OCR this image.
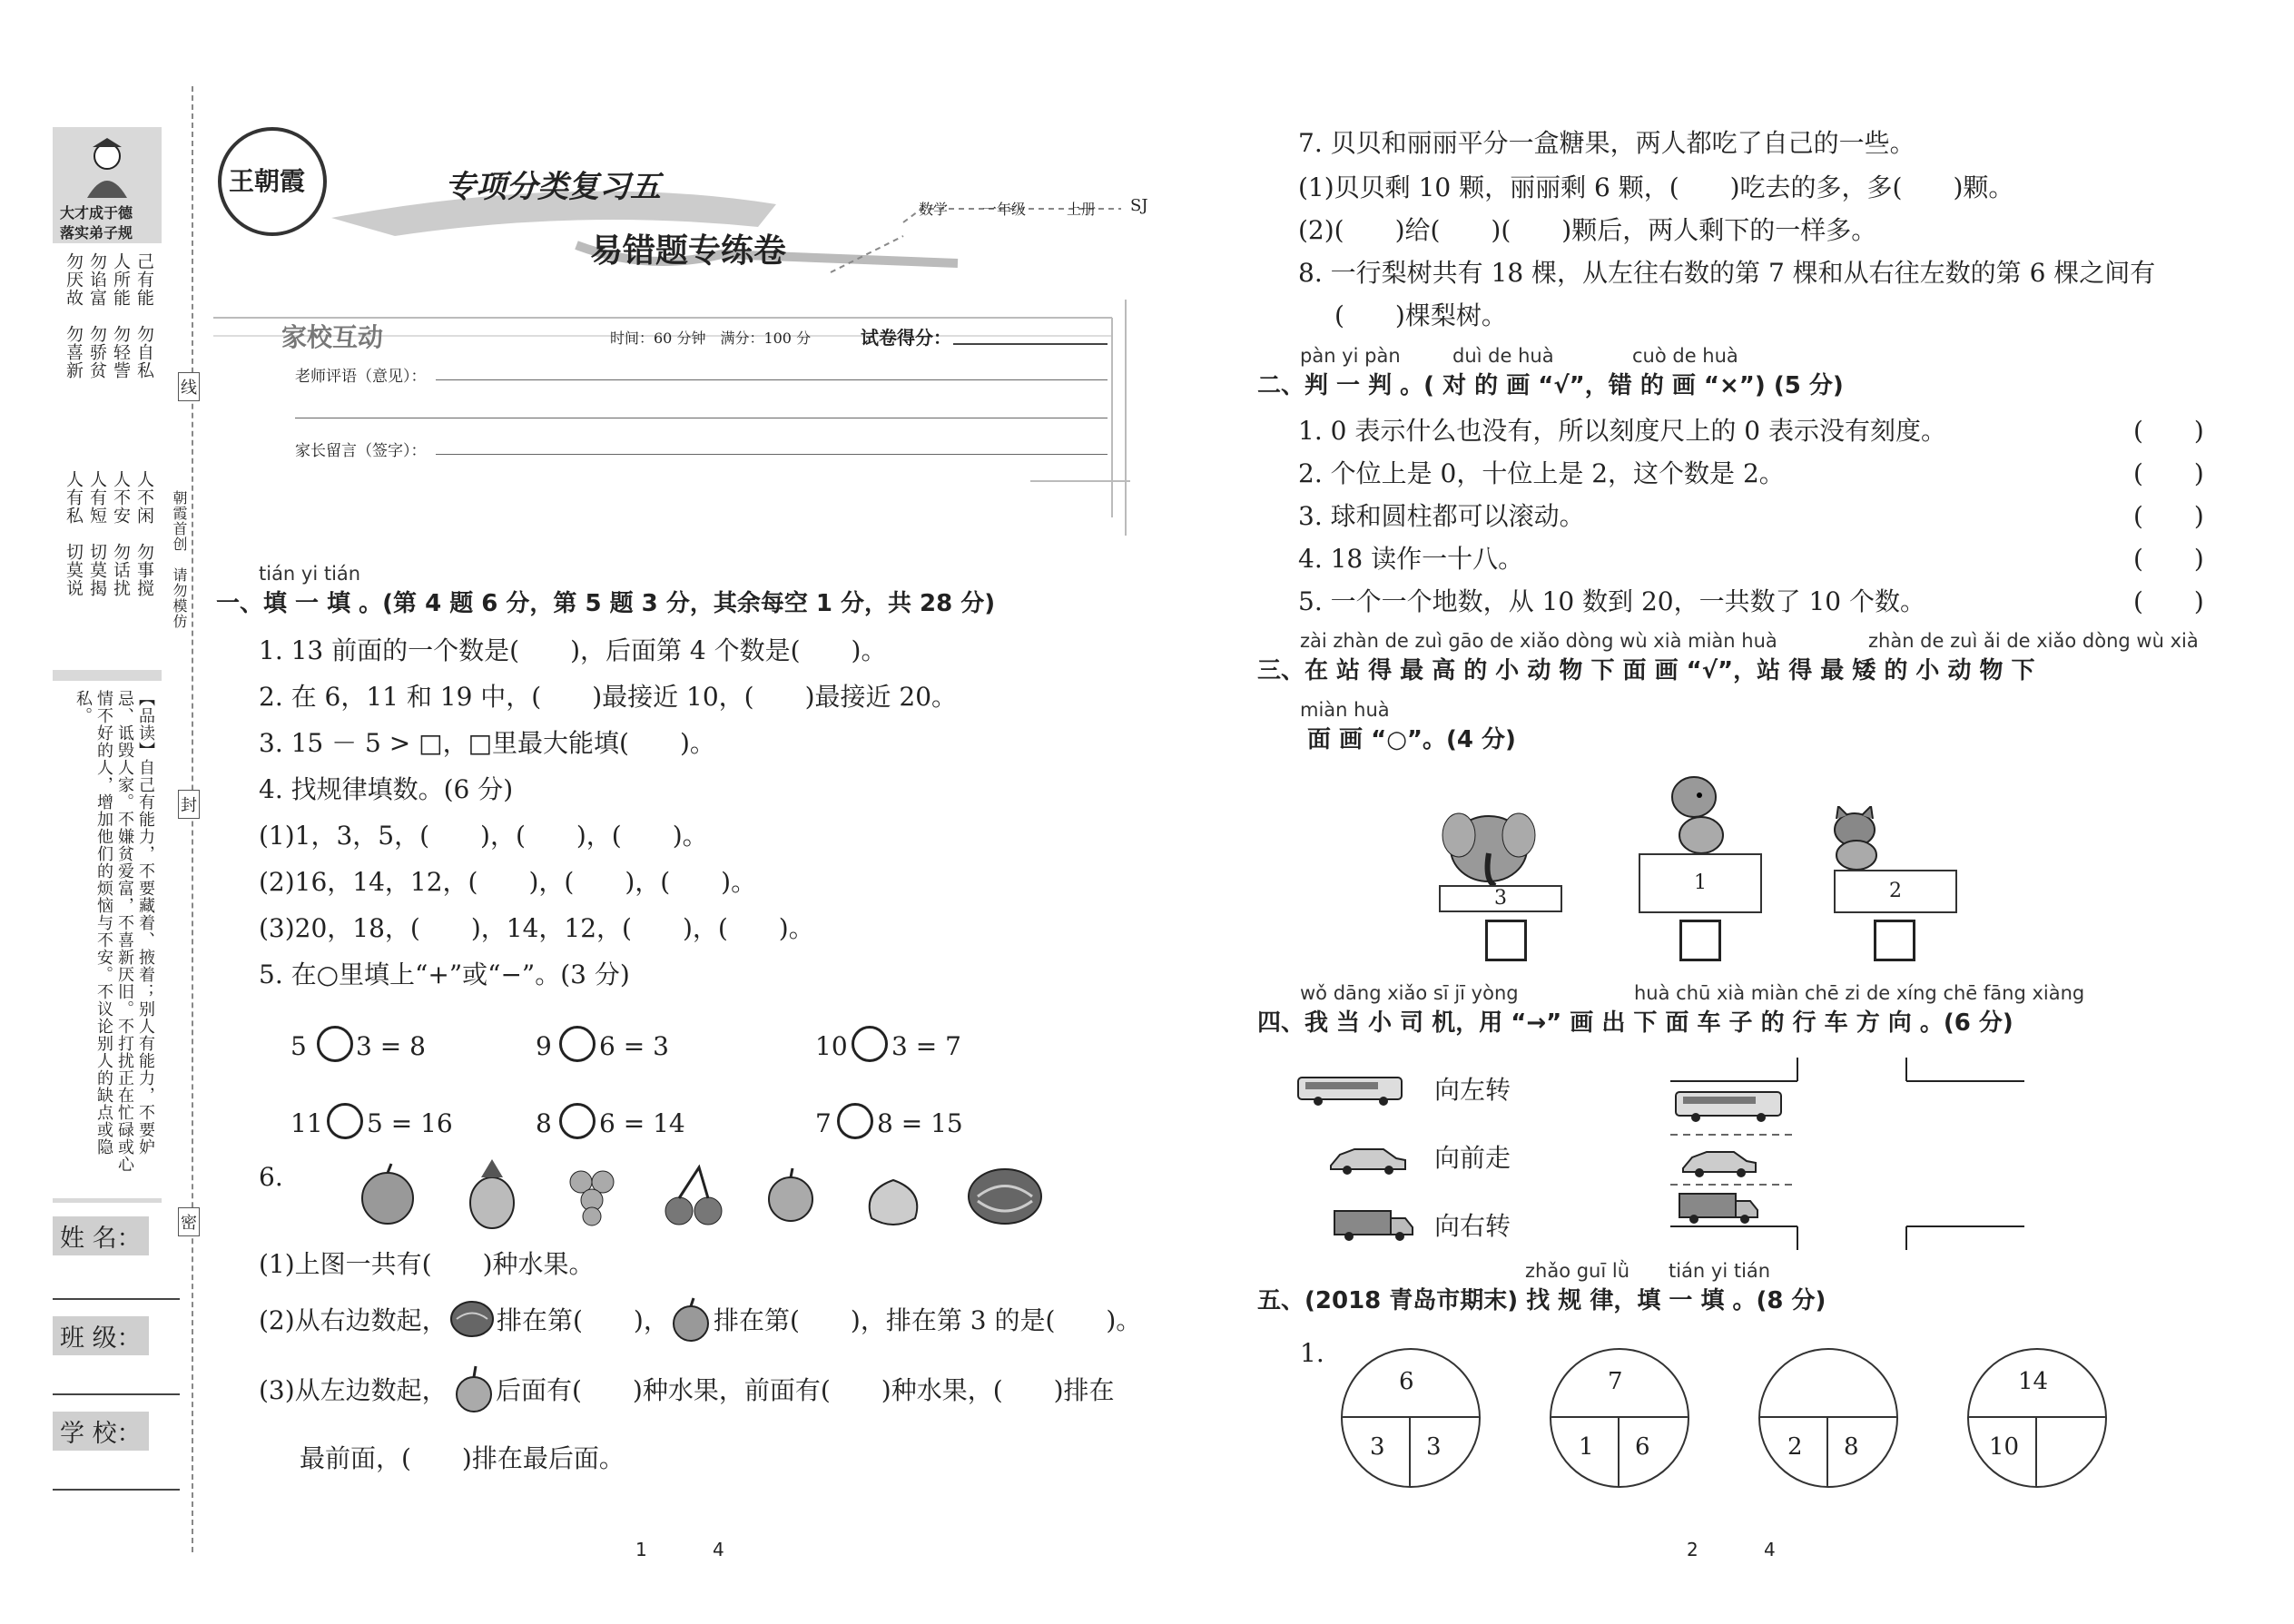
大才成于德
落实弟子规
己有能　勿自私
人所能　勿轻訾
勿谄富　勿骄贫
勿厌故　勿喜新
人不闲　勿事搅
人不安　勿话扰
人有短　切莫揭
人有私　切莫说
【品读】自己有能力，不要藏着、掖着；别人有能力，不要妒忌、诋毁人家。不嫌贫爱富，不喜新厌旧。不打扰正在忙碌或心情不好的人，增加他们的烦恼与不安。不议论别人的缺点或隐私。
姓 名：
班 级：
学 校：
线
封
密
朝霞首创　请勿模仿
王朝霞	专项分类复习五
易错题专练卷
数学 一年级	上册 SJ
家校互动	时间：60 分钟　满分：100 分	试卷得分：
老师评语（意见）：
家长留言（签字）：
tián yi tián
一、填 一 填 。(第 4 题 6 分，第 5 题 3 分，其余每空 1 分，共 28 分)
1. 13 前面的一个数是(　　)，后面第 4 个数是(　　)。
2. 在 6，11 和 19 中，(　　)最接近 10，(　　)最接近 20。
3. 15 － 5 > □，□里最大能填(　　)。
4. 找规律填数。(6 分)
(1)1，3，5，(　　)，(　　)，(　　)。
(2)16，14，12，(　　)，(　　)，(　　)。
(3)20，18，(　　)，14，12，(　　)，(　　)。
5. 在○里填上“+”或“−”。(3 分)
5 3 = 8	9 6 = 3	10 3 = 7
11 5 = 16	8 6 = 14	7 8 = 15
6.
(1)上图一共有(　　)种水果。
(2)从右边数起， 排在第(　　)， 排在第(　　)，排在第 3 的是(　　)。
(3)从左边数起， 后面有(　　)种水果，前面有(　　)种水果，(　　)排在
最前面，(　　)排在最后面。
7. 贝贝和丽丽平分一盒糖果，两人都吃了自己的一些。
(1)贝贝剩 10 颗，丽丽剩 6 颗，(　　)吃去的多，多(　　)颗。
(2)(　　)给(　　)(　　)颗后，两人剩下的一样多。
8. 一行梨树共有 18 棵，从左往右数的第 7 棵和从右往左数的第 6 棵之间有
(　　)棵梨树。
pàn yi pàn	duì de huà	cuò de huà
二、判 一 判 。( 对 的 画 “√”，错 的 画 “×”) (5 分)
1. 0 表示什么也没有，所以刻度尺上的 0 表示没有刻度。	(　　)
2. 个位上是 0，十位上是 2，这个数是 2。	(　　)
3. 球和圆柱都可以滚动。	(　　)
4. 18 读作一十八。	(　　)
5. 一个一个地数，从 10 数到 20，一共数了 10 个数。	(　　)
zài zhàn de zuì gāo de xiǎo dòng wù xià miàn huà	zhàn de zuì ǎi de xiǎo dòng wù xià
三、在 站 得 最 高 的 小 动 物 下 面 画 “√”，站 得 最 矮 的 小 动 物 下
miàn huà
面 画 “○”。(4 分)
3
1	2
wǒ dāng xiǎo sī jī yòng	huà chū xià miàn chē zi de xíng chē fāng xiàng
四、我 当 小 司 机，用 “→” 画 出 下 面 车 子 的 行 车 方 向 。(6 分)
向左转
向前走
向右转
zhǎo guī lǜ tián yi tián
五、(2018 青岛市期末) 找 规 律，填 一 填 。(8 分)
1.
6
3 3
7
1 6	2 8
14
10
1	4	2	4
